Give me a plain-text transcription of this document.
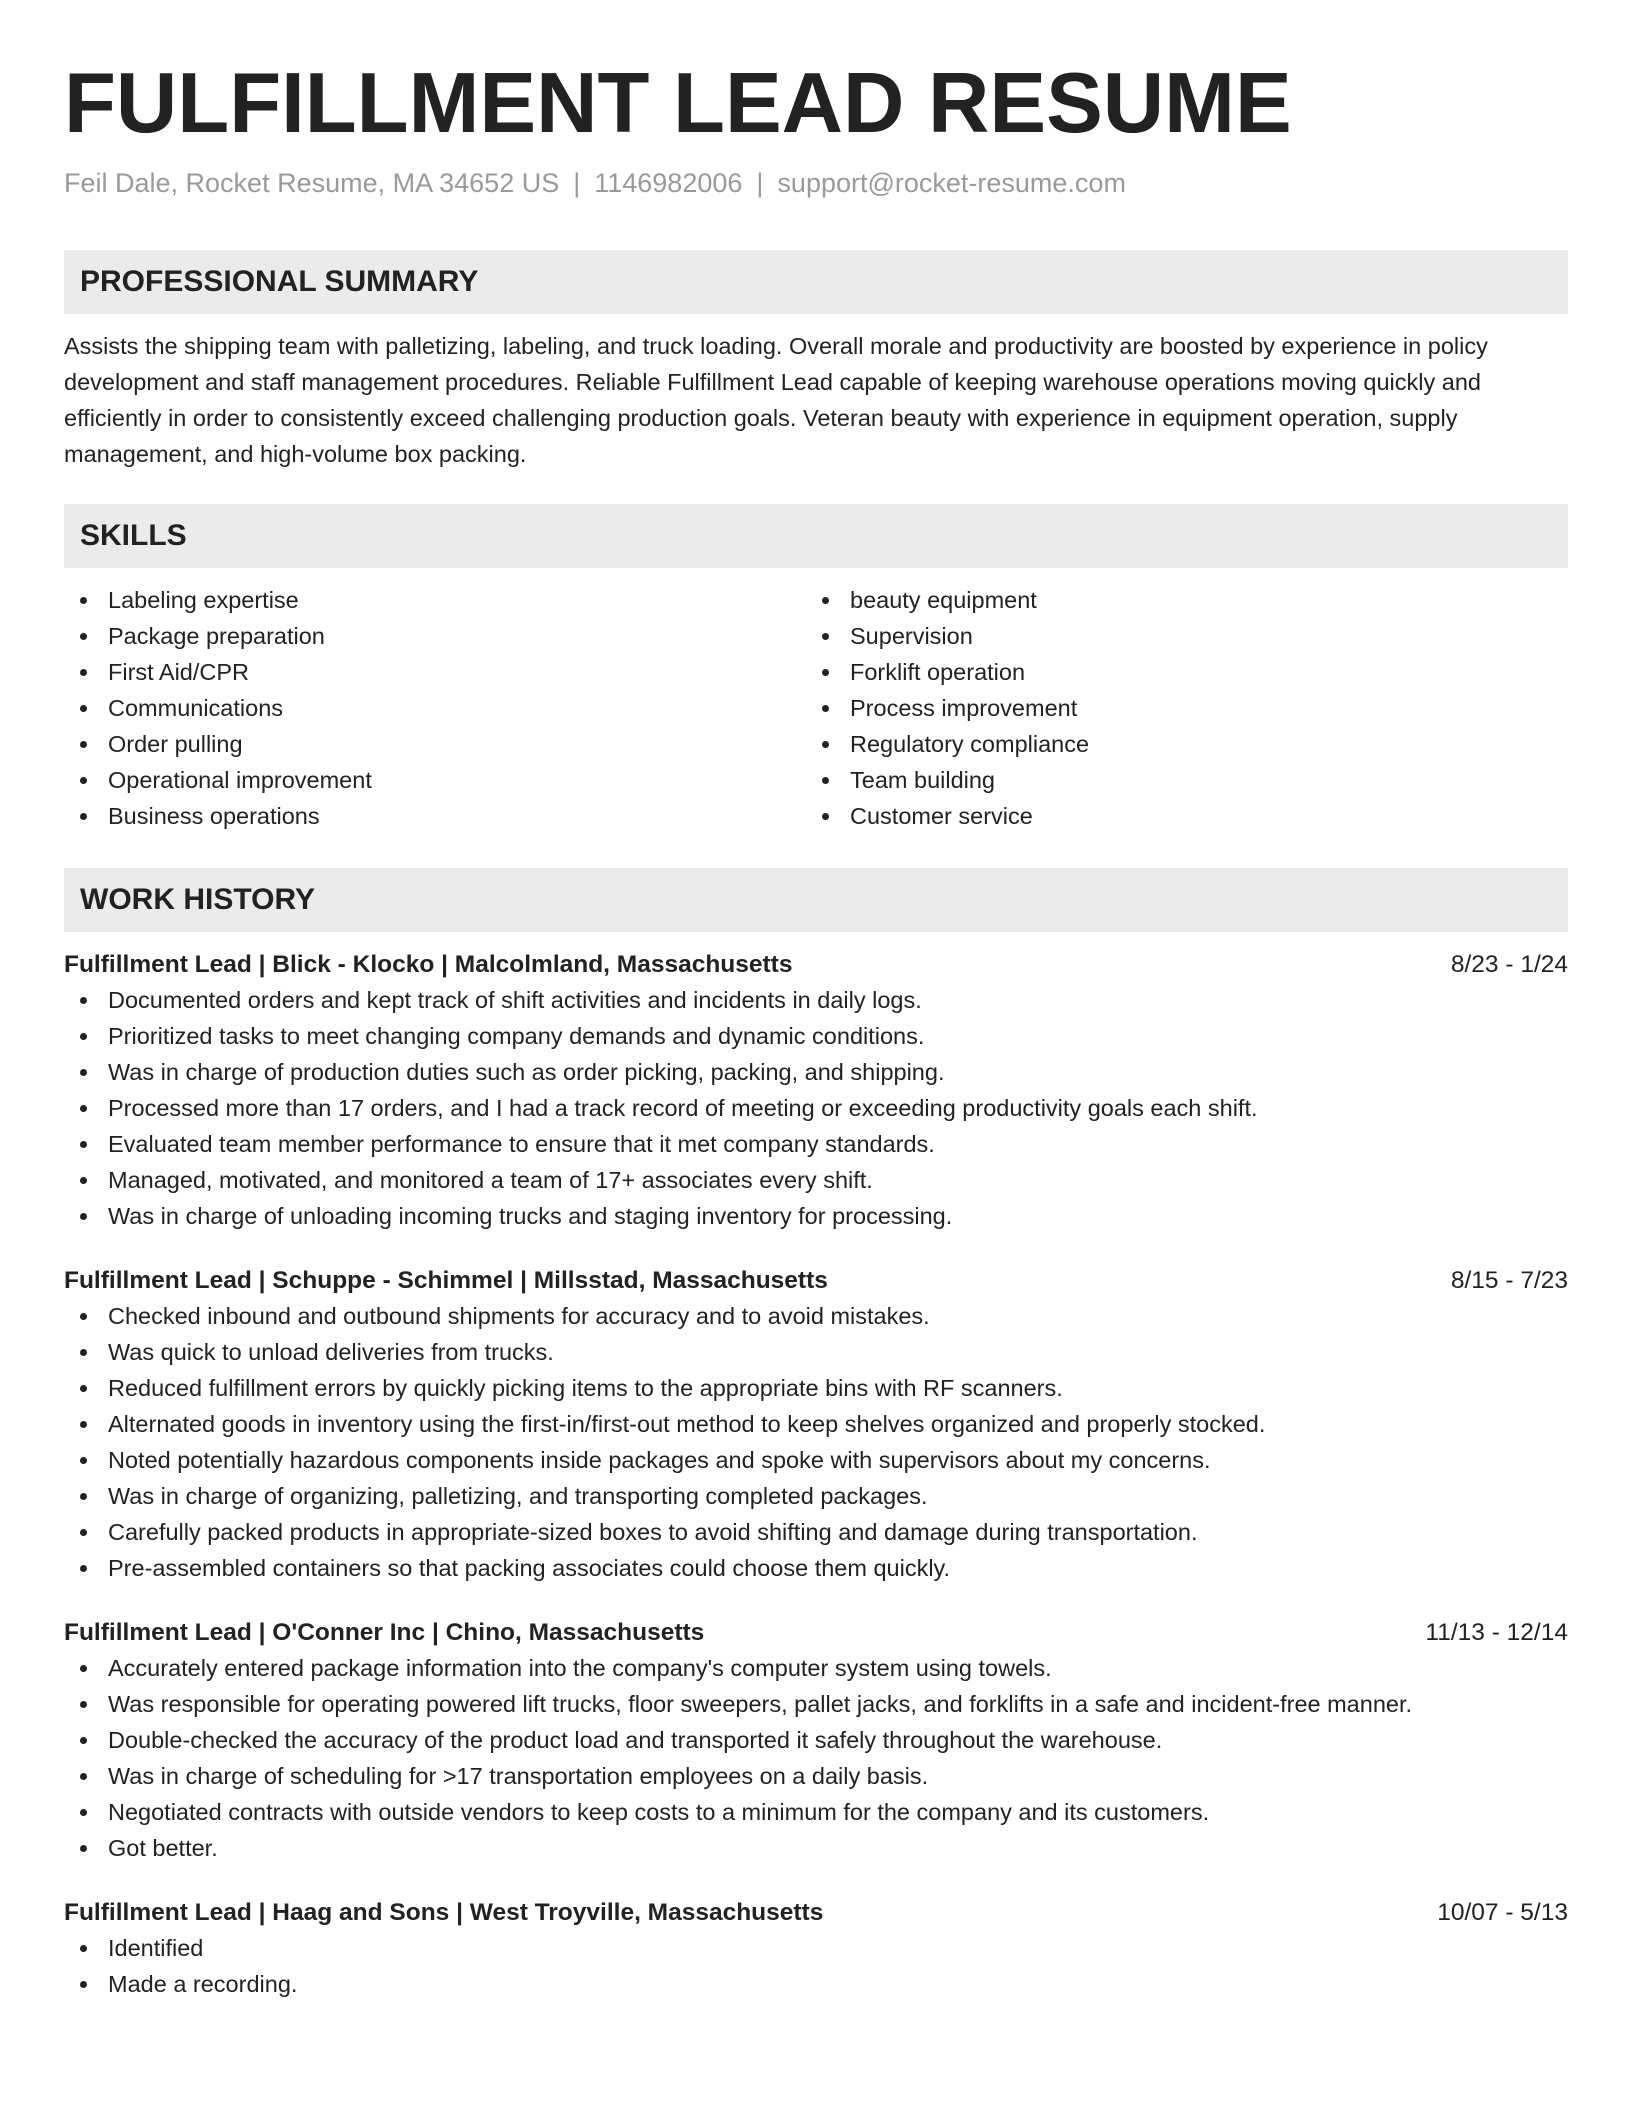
FULFILLMENT LEAD RESUME
Feil Dale, Rocket Resume, MA 34652 US | 1146982006 | support@rocket-resume.com
PROFESSIONAL SUMMARY
Assists the shipping team with palletizing, labeling, and truck loading. Overall morale and productivity are boosted by experience in policy development and staff management procedures. Reliable Fulfillment Lead capable of keeping warehouse operations moving quickly and efficiently in order to consistently exceed challenging production goals. Veteran beauty with experience in equipment operation, supply management, and high-volume box packing.
SKILLS
Labeling expertise
Package preparation
First Aid/CPR
Communications
Order pulling
Operational improvement
Business operations
beauty equipment
Supervision
Forklift operation
Process improvement
Regulatory compliance
Team building
Customer service
WORK HISTORY
Fulfillment Lead | Blick - Klocko | Malcolmland, Massachusetts	8/23 - 1/24
Documented orders and kept track of shift activities and incidents in daily logs.
Prioritized tasks to meet changing company demands and dynamic conditions.
Was in charge of production duties such as order picking, packing, and shipping.
Processed more than 17 orders, and I had a track record of meeting or exceeding productivity goals each shift.
Evaluated team member performance to ensure that it met company standards.
Managed, motivated, and monitored a team of 17+ associates every shift.
Was in charge of unloading incoming trucks and staging inventory for processing.
Fulfillment Lead | Schuppe - Schimmel | Millsstad, Massachusetts	8/15 - 7/23
Checked inbound and outbound shipments for accuracy and to avoid mistakes.
Was quick to unload deliveries from trucks.
Reduced fulfillment errors by quickly picking items to the appropriate bins with RF scanners.
Alternated goods in inventory using the first-in/first-out method to keep shelves organized and properly stocked.
Noted potentially hazardous components inside packages and spoke with supervisors about my concerns.
Was in charge of organizing, palletizing, and transporting completed packages.
Carefully packed products in appropriate-sized boxes to avoid shifting and damage during transportation.
Pre-assembled containers so that packing associates could choose them quickly.
Fulfillment Lead | O'Conner Inc | Chino, Massachusetts	11/13 - 12/14
Accurately entered package information into the company's computer system using towels.
Was responsible for operating powered lift trucks, floor sweepers, pallet jacks, and forklifts in a safe and incident-free manner.
Double-checked the accuracy of the product load and transported it safely throughout the warehouse.
Was in charge of scheduling for >17 transportation employees on a daily basis.
Negotiated contracts with outside vendors to keep costs to a minimum for the company and its customers.
Got better.
Fulfillment Lead | Haag and Sons | West Troyville, Massachusetts	10/07 - 5/13
Identified
Made a recording.
